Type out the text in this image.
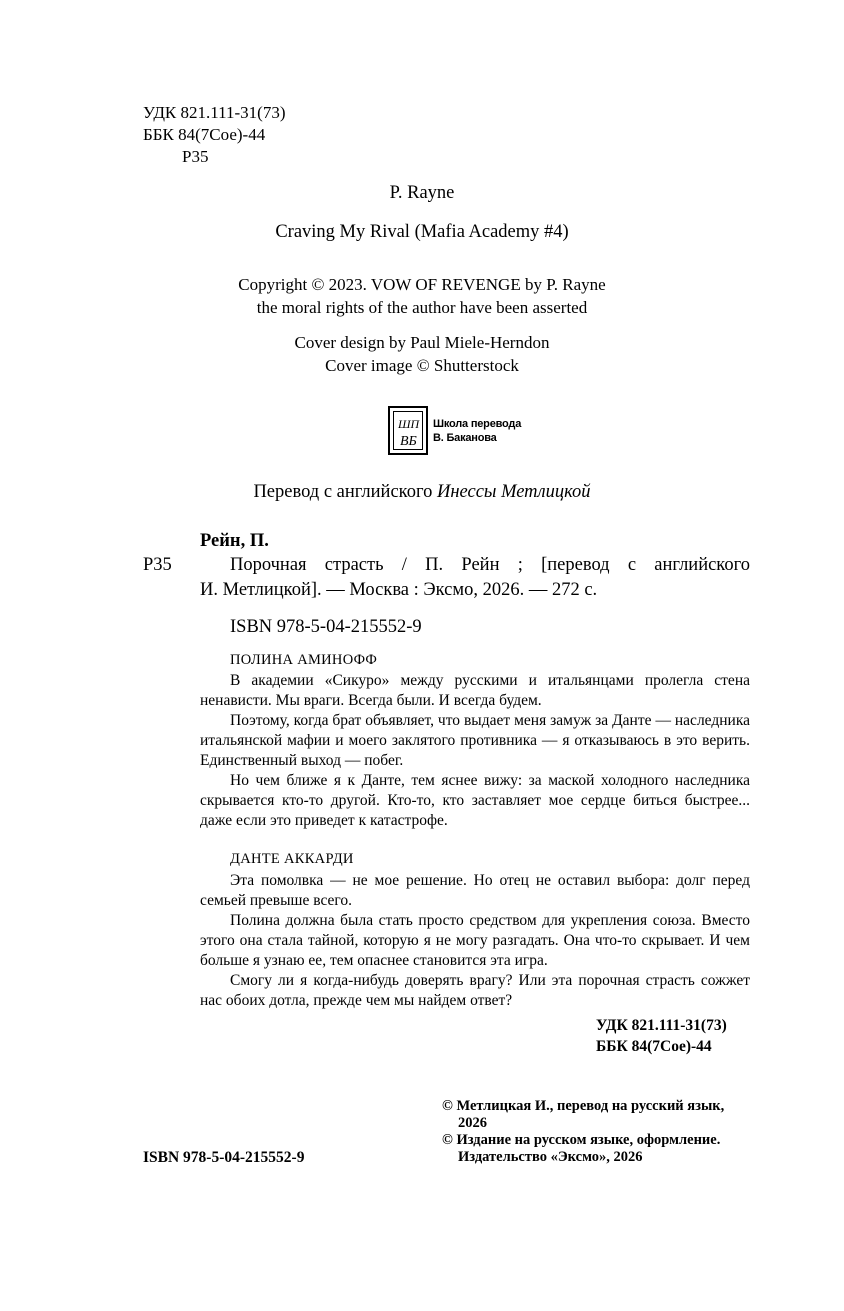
УДК 821.111-31(73)
ББК 84(7Сое)-44
Р35
P. Rayne
Craving My Rival (Mafia Academy #4)
Copyright © 2023. VOW OF REVENGE by P. Rayne
the moral rights of the author have been asserted
Cover design by Paul Miele-Herndon
Cover image © Shutterstock
ШП
ВБ
Школа перевода
В. Баканова
Перевод с английского Инессы Метлицкой
Рейн, П.
Р35	Порочная страсть / П. Рейн ; [перевод с английского
И. Метлицкой]. — Москва : Эксмо, 2026. — 272 с.
ISBN 978-5-04-215552-9
ПОЛИНА АМИНОФФ

В академии «Сикуро» между русскими и итальянцами пролегла стена ненависти. Мы враги. Всегда были. И всегда будем.

Поэтому, когда брат объявляет, что выдает меня замуж за Данте — наследника итальянской мафии и моего заклятого противника — я отказываюсь в это верить. Единственный выход — побег.

Но чем ближе я к Данте, тем яснее вижу: за маской холодного наследника скрывается кто-то другой. Кто-то, кто заставляет мое сердце биться быстрее... даже если это приведет к катастрофе.

ДАНТЕ АККАРДИ

Эта помолвка — не мое решение. Но отец не оставил выбора: долг перед семьей превыше всего.

Полина должна была стать просто средством для укрепления союза. Вместо этого она стала тайной, которую я не могу разгадать. Она что-то скрывает. И чем больше я узнаю ее, тем опаснее становится эта игра.

Смогу ли я когда-нибудь доверять врагу? Или эта порочная страсть сожжет нас обоих дотла, прежде чем мы найдем ответ?

УДК 821.111-31(73)
ББК 84(7Сое)-44
© Метлицкая И., перевод на русский язык,
2026
© Издание на русском языке, оформление.
Издательство «Эксмо», 2026
ISBN 978-5-04-215552-9
